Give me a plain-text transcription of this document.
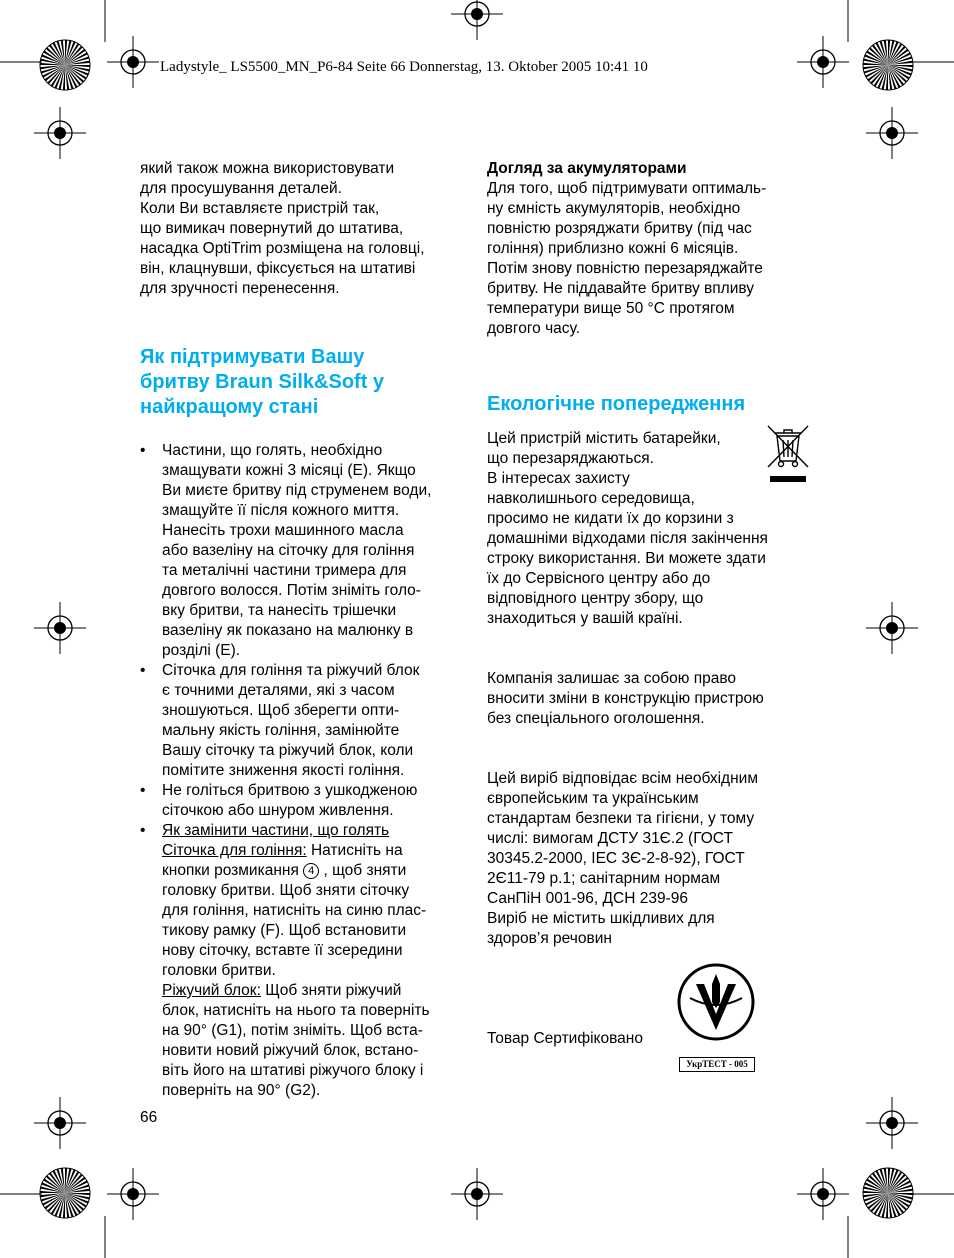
Ladystyle_ LS5500_MN_P6-84 Seite 66 Donnerstag, 13. Oktober 2005 10:41 10
який також можна використовувати
для просушування деталей.
Коли Ви вставляєте пристрій так,
що вимикач повернутий до штатива,
насадка OptiTrim розміщена на головці,
він, клацнувши, фіксується на штативі
для зручності перенесення.
Як підтримувати Вашу
бритву Braun Silk&Soft у
найкращому стані
• Частини, що голять, необхідно
змащувати кожні 3 місяці (E). Якщо
Ви миєте бритву під струменем води,
змащуйте її після кожного миття.
Нанесіть трохи машинного масла
або вазеліну на сіточку для гоління
та металічні частини тримера для
довгого волосся. Потім зніміть голо-
вку бритви, та нанесіть трішечки
вазеліну як показано на малюнку в
розділі (E).
• Сіточка для гоління та ріжучий блок
є точними деталями, які з часом
зношуються. Щоб зберегти опти-
мальну якість гоління, замінюйте
Вашу сіточку та ріжучий блок, коли
помітите зниження якості гоління.
• Не голіться бритвою з ушкодженою
сіточкою або шнуром живлення.
• Як замінити частини, що голять
Сіточка для гоління: Натисніть на
кнопки розмикання 4 , щоб зняти
головку бритви. Щоб зняти сіточку
для гоління, натисніть на синю плас-
тикову рамку (F). Щоб встановити
нову сіточку, вставте її зсередини
головки бритви.
Ріжучий блок: Щоб зняти ріжучий
блок, натисніть на нього та поверніть
на 90° (G1), потім зніміть. Щоб вста-
новити новий ріжучий блок, встано-
віть його на штативі ріжучого блоку і
поверніть на 90° (G2).
Догляд за акумуляторами
Для того, щоб підтримувати оптималь-
ну ємність акумуляторів, необхідно
повністю розряджати бритву (під час
гоління) приблизно кожні 6 місяців.
Потім знову повністю перезаряджайте
бритву. Не піддавайте бритву впливу
температури вище 50 °C протягом
довгого часу.
Екологічне попередження
Цей пристрій містить батарейки,
що перезаряджаються.
В інтересах захисту
навколишнього середовища,
просимо не кидати їх до корзини з
домашніми відходами після закінчення
строку використання. Ви можете здати
їх до Сервісного центру або до
відповідного центру збору, що
знаходиться у вашій країні.
Компанія залишає за собою право
вносити зміни в конструкцію пристрою
без спеціального оголошення.
Цей виріб відповідає всім необхідним
європейським та українським
стандартам безпеки та гігієни, у тому
числі: вимогам ДСТУ 31Є.2 (ГОСТ
30345.2-2000, IEC 3Є-2-8-92), ГОСТ
2Є11-79 р.1; санітарним нормам
СанПіН 001-96, ДСН 239-96
Виріб не містить шкідливих для
здоров’я речовин
Товар Сертифіковано
УкрТЕСТ - 005
66
